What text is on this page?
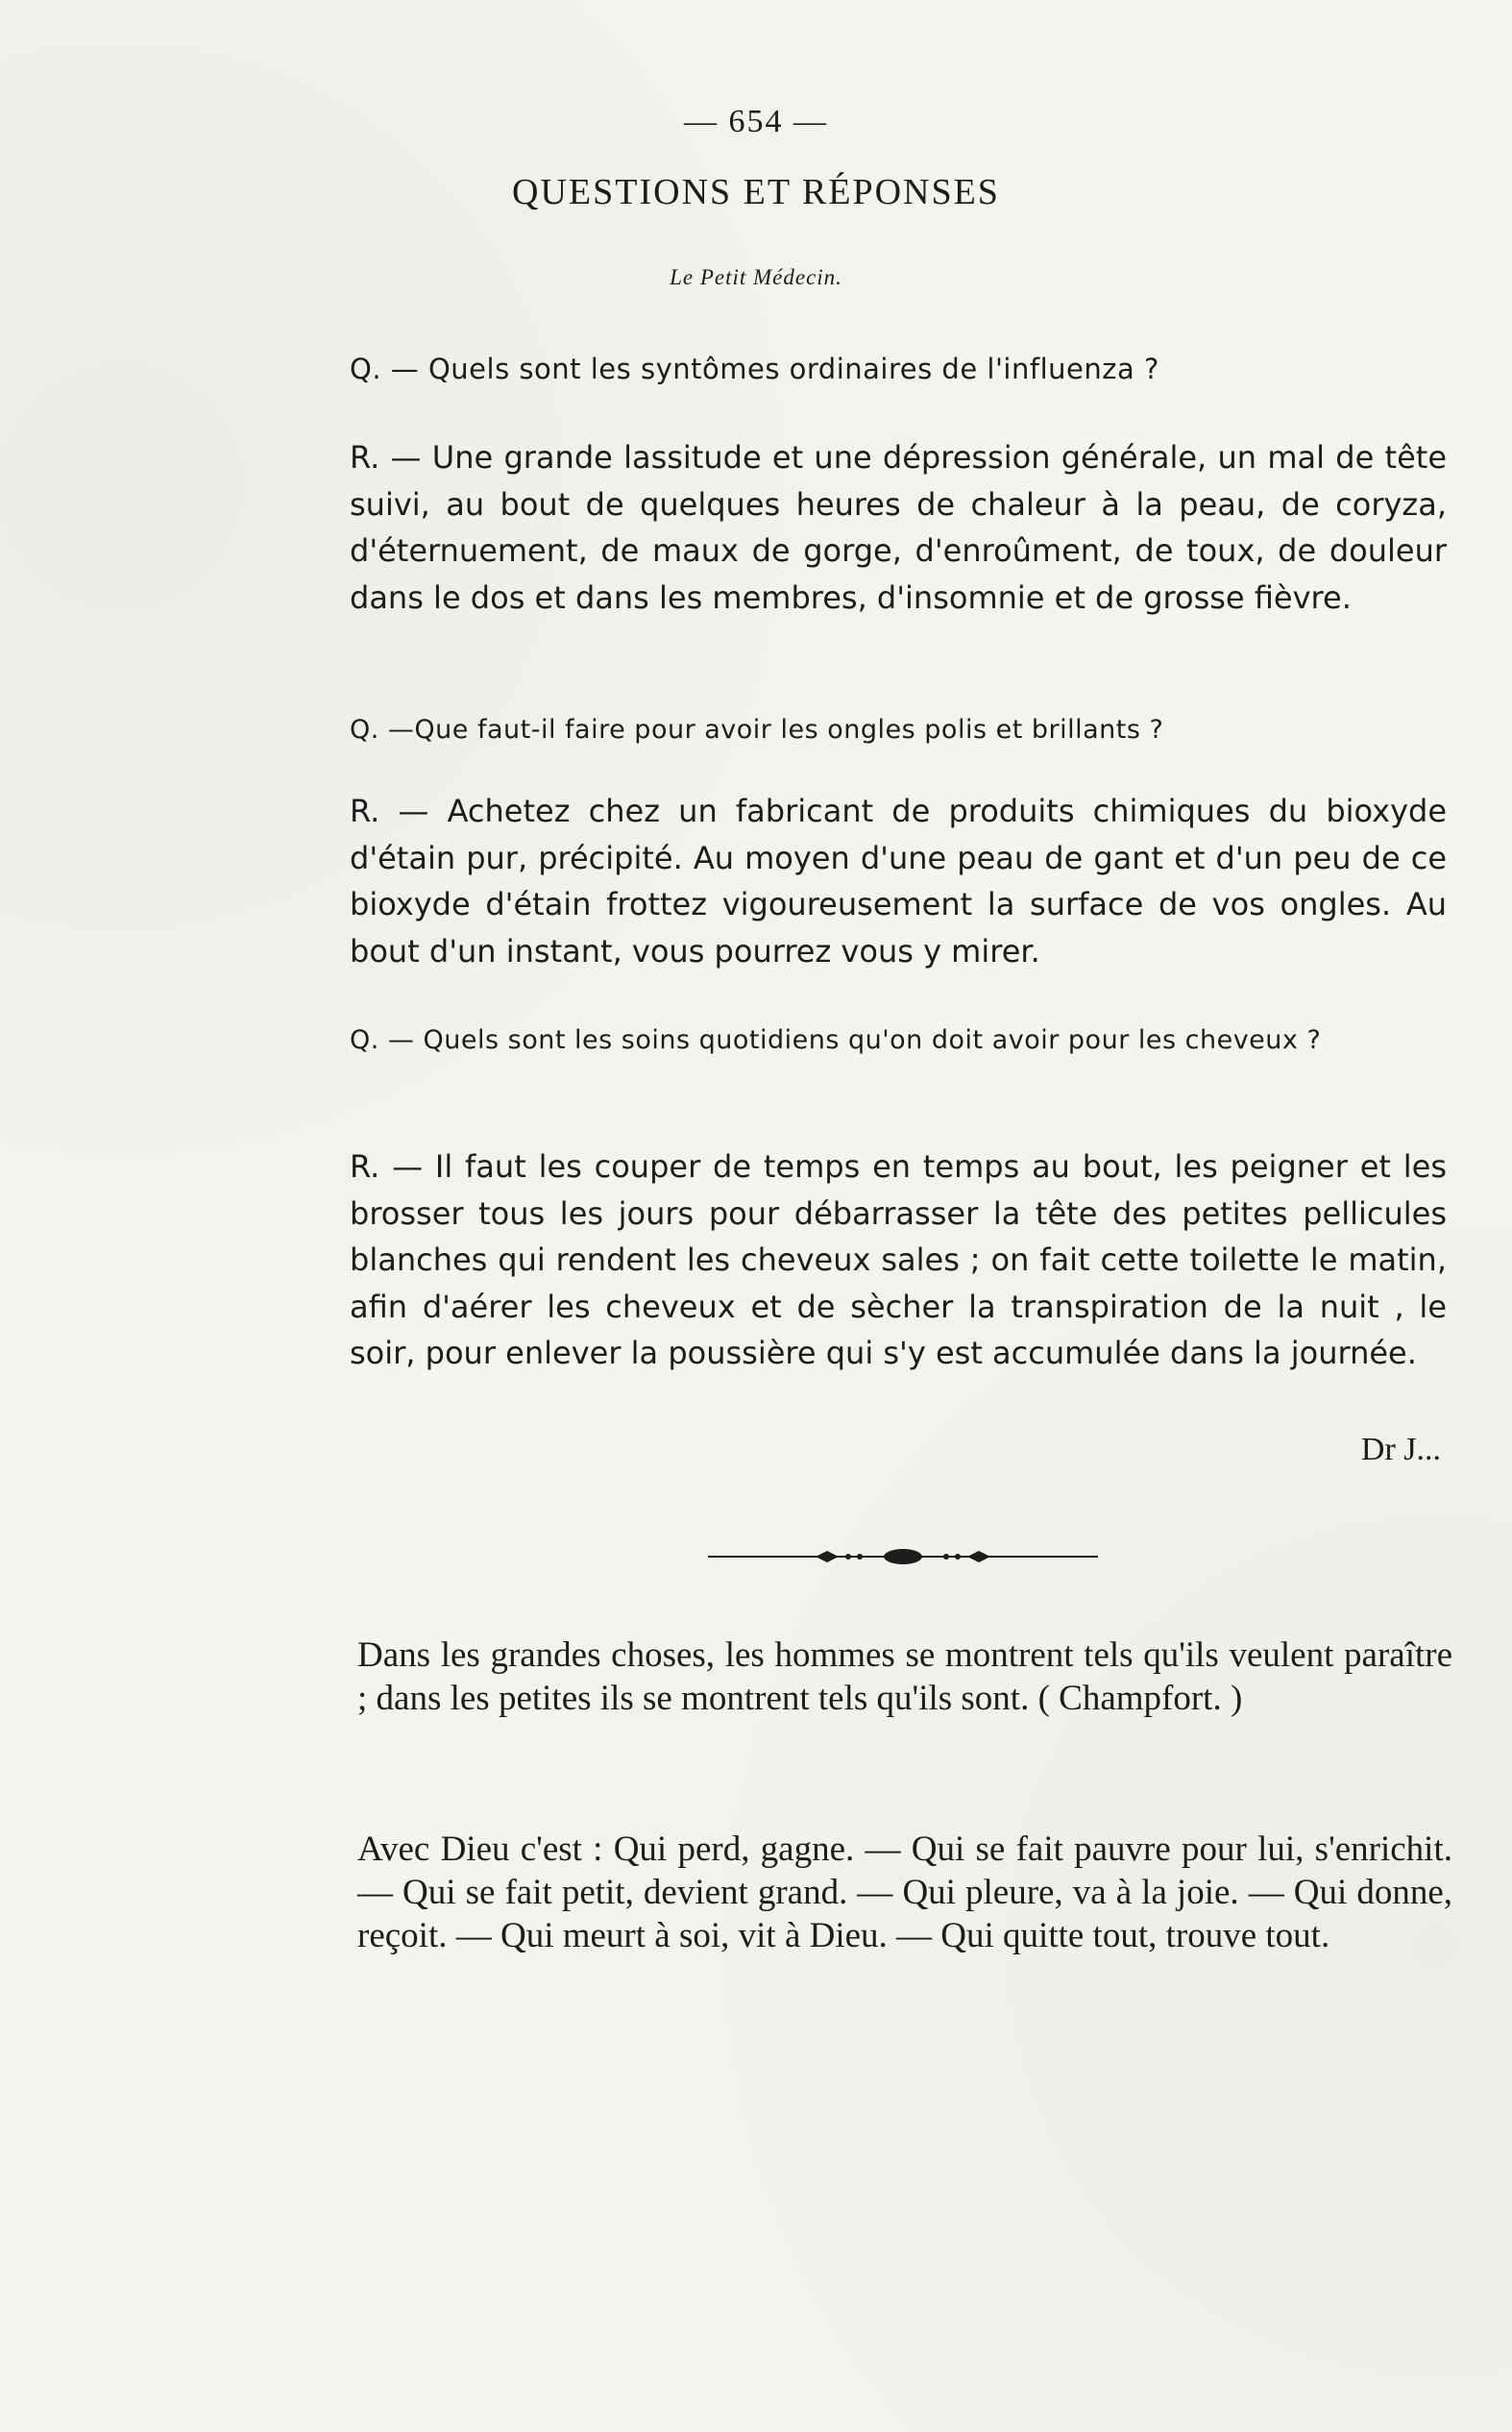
— 654 —
QUESTIONS ET RÉPONSES
Le Petit Médecin.
Q. — Quels sont les syntômes ordinaires de l'influenza ?
R. — Une grande lassitude et une dépression générale, un mal de tête suivi, au bout de quelques heures de chaleur à la peau, de coryza, d'éternuement, de maux de gorge, d'enroûment, de toux, de douleur dans le dos et dans les membres, d'insomnie et de grosse fièvre.
Q. —Que faut-il faire pour avoir les ongles polis et brillants ?
R. — Achetez chez un fabricant de produits chimiques du bioxyde d'étain pur, précipité. Au moyen d'une peau de gant et d'un peu de ce bioxyde d'étain frottez vigoureusement la surface de vos ongles. Au bout d'un instant, vous pourrez vous y mirer.
Q. — Quels sont les soins quotidiens qu'on doit avoir pour les cheveux ?
R. — Il faut les couper de temps en temps au bout, les peigner et les brosser tous les jours pour débarrasser la tête des petites pellicules blanches qui rendent les cheveux sales ; on fait cette toilette le matin, afin d'aérer les cheveux et de sècher la transpiration de la nuit , le soir, pour enlever la poussière qui s'y est accumulée dans la journée.
Dr J...
Dans les grandes choses, les hommes se montrent tels qu'ils veulent paraître ; dans les petites ils se montrent tels qu'ils sont. ( Champfort. )
Avec Dieu c'est : Qui perd, gagne. — Qui se fait pauvre pour lui, s'enrichit. — Qui se fait petit, devient grand. — Qui pleure, va à la joie. — Qui donne, reçoit. — Qui meurt à soi, vit à Dieu. — Qui quitte tout, trouve tout.
